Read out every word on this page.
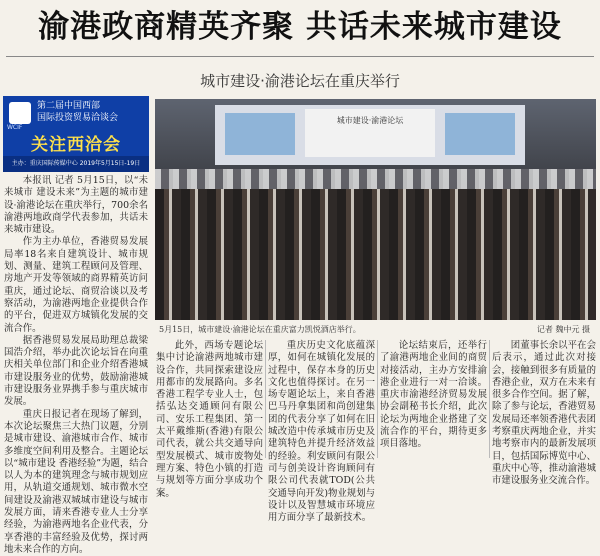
渝港政商精英齐聚 共话未来城市建设
城市建设·渝港论坛在重庆举行
WCIF
第二届中国西部
国际投资贸易洽谈会
关注西洽会
主办：重庆国际传媒中心 2019年5月15日-19日
城市建设·渝港论坛
5月15日，城市建设·渝港论坛在重庆富力凯悦酒店举行。	记者 魏中元 摄

本报讯 记者 5月15日，以“未来城市 建设未来”为主题的城市建设·渝港论坛在重庆举行，700余名渝港两地政商学代表参加，共话未来城市建设。

作为主办单位，香港贸易发展局率18名来自建筑设计、城市规划、测量、建筑工程顾问及管理、房地产开发等领域的商界精英访问重庆，通过论坛、商贸洽谈以及考察活动，为渝港两地企业提供合作的平台，促进双方城镇化发展的交流合作。

据香港贸易发展局助理总裁梁国浩介绍，举办此次论坛旨在向重庆相关单位部门和企业介绍香港城市建设服务业的优势，鼓励渝港城市建设服务业界携手参与重庆城市发展。

重庆日报记者在现场了解到，本次论坛聚焦三大热门议题，分别是城市建设、渝港城市合作、城市多维度空间利用及整合。主题论坛以“城市建设 香港经验”为题，结合以人为本的建筑理念与城市规划应用，从轨道交通规划、城市微水空间建设及渝港双城城市建设与城市发展方面，请来香港专业人士分享经验，为渝港两地名企业代表，分享香港的丰富经验及优势，探讨两地未来合作的方向。

此外，西场专题论坛集中讨论渝港两地城市建设合作，共同探索建设应用都市的发展路向。多名香港工程学专业人士，包括弘达交通顾问有限公司、安乐工程集团、第一太平戴维斯(香港)有限公司代表，就公共交通导向型发展模式、城市废物处理方案、特色小镇的打造与规划等方面分享成功个案。

重庆历史文化底蕴深厚，如何在城镇化发展的过程中，保存本身的历史文化也值得探讨。在另一场专题论坛上，来自香港巴马丹拿集团和尚创建集团的代表分享了如何在旧城改造中传承城市历史及建筑特色并提升经济效益的经验。利安顾问有限公司与创美设计咨询顾问有限公司代表就TOD(公共交通导向开发)物业规划与设计以及智慧城市环境应用方面分享了最新技术。

论坛结束后，还举行了渝港两地企业间的商贸对接活动，主办方安排渝港企业进行一对一洽谈。重庆市渝港经济贸易发展协会副秘书长介绍，此次论坛为两地企业搭建了交流合作的平台，期待更多项目落地。

团董事长余以平在会后表示，通过此次对接会，接触到很多有质量的香港企业，双方在未来有很多合作空间。据了解，除了参与论坛，香港贸易发展局还率领香港代表团考察重庆两地企业，并实地考察市内的最新发展项目，包括国际博览中心、重庆中心等，推动渝港城市建设服务业交流合作。
